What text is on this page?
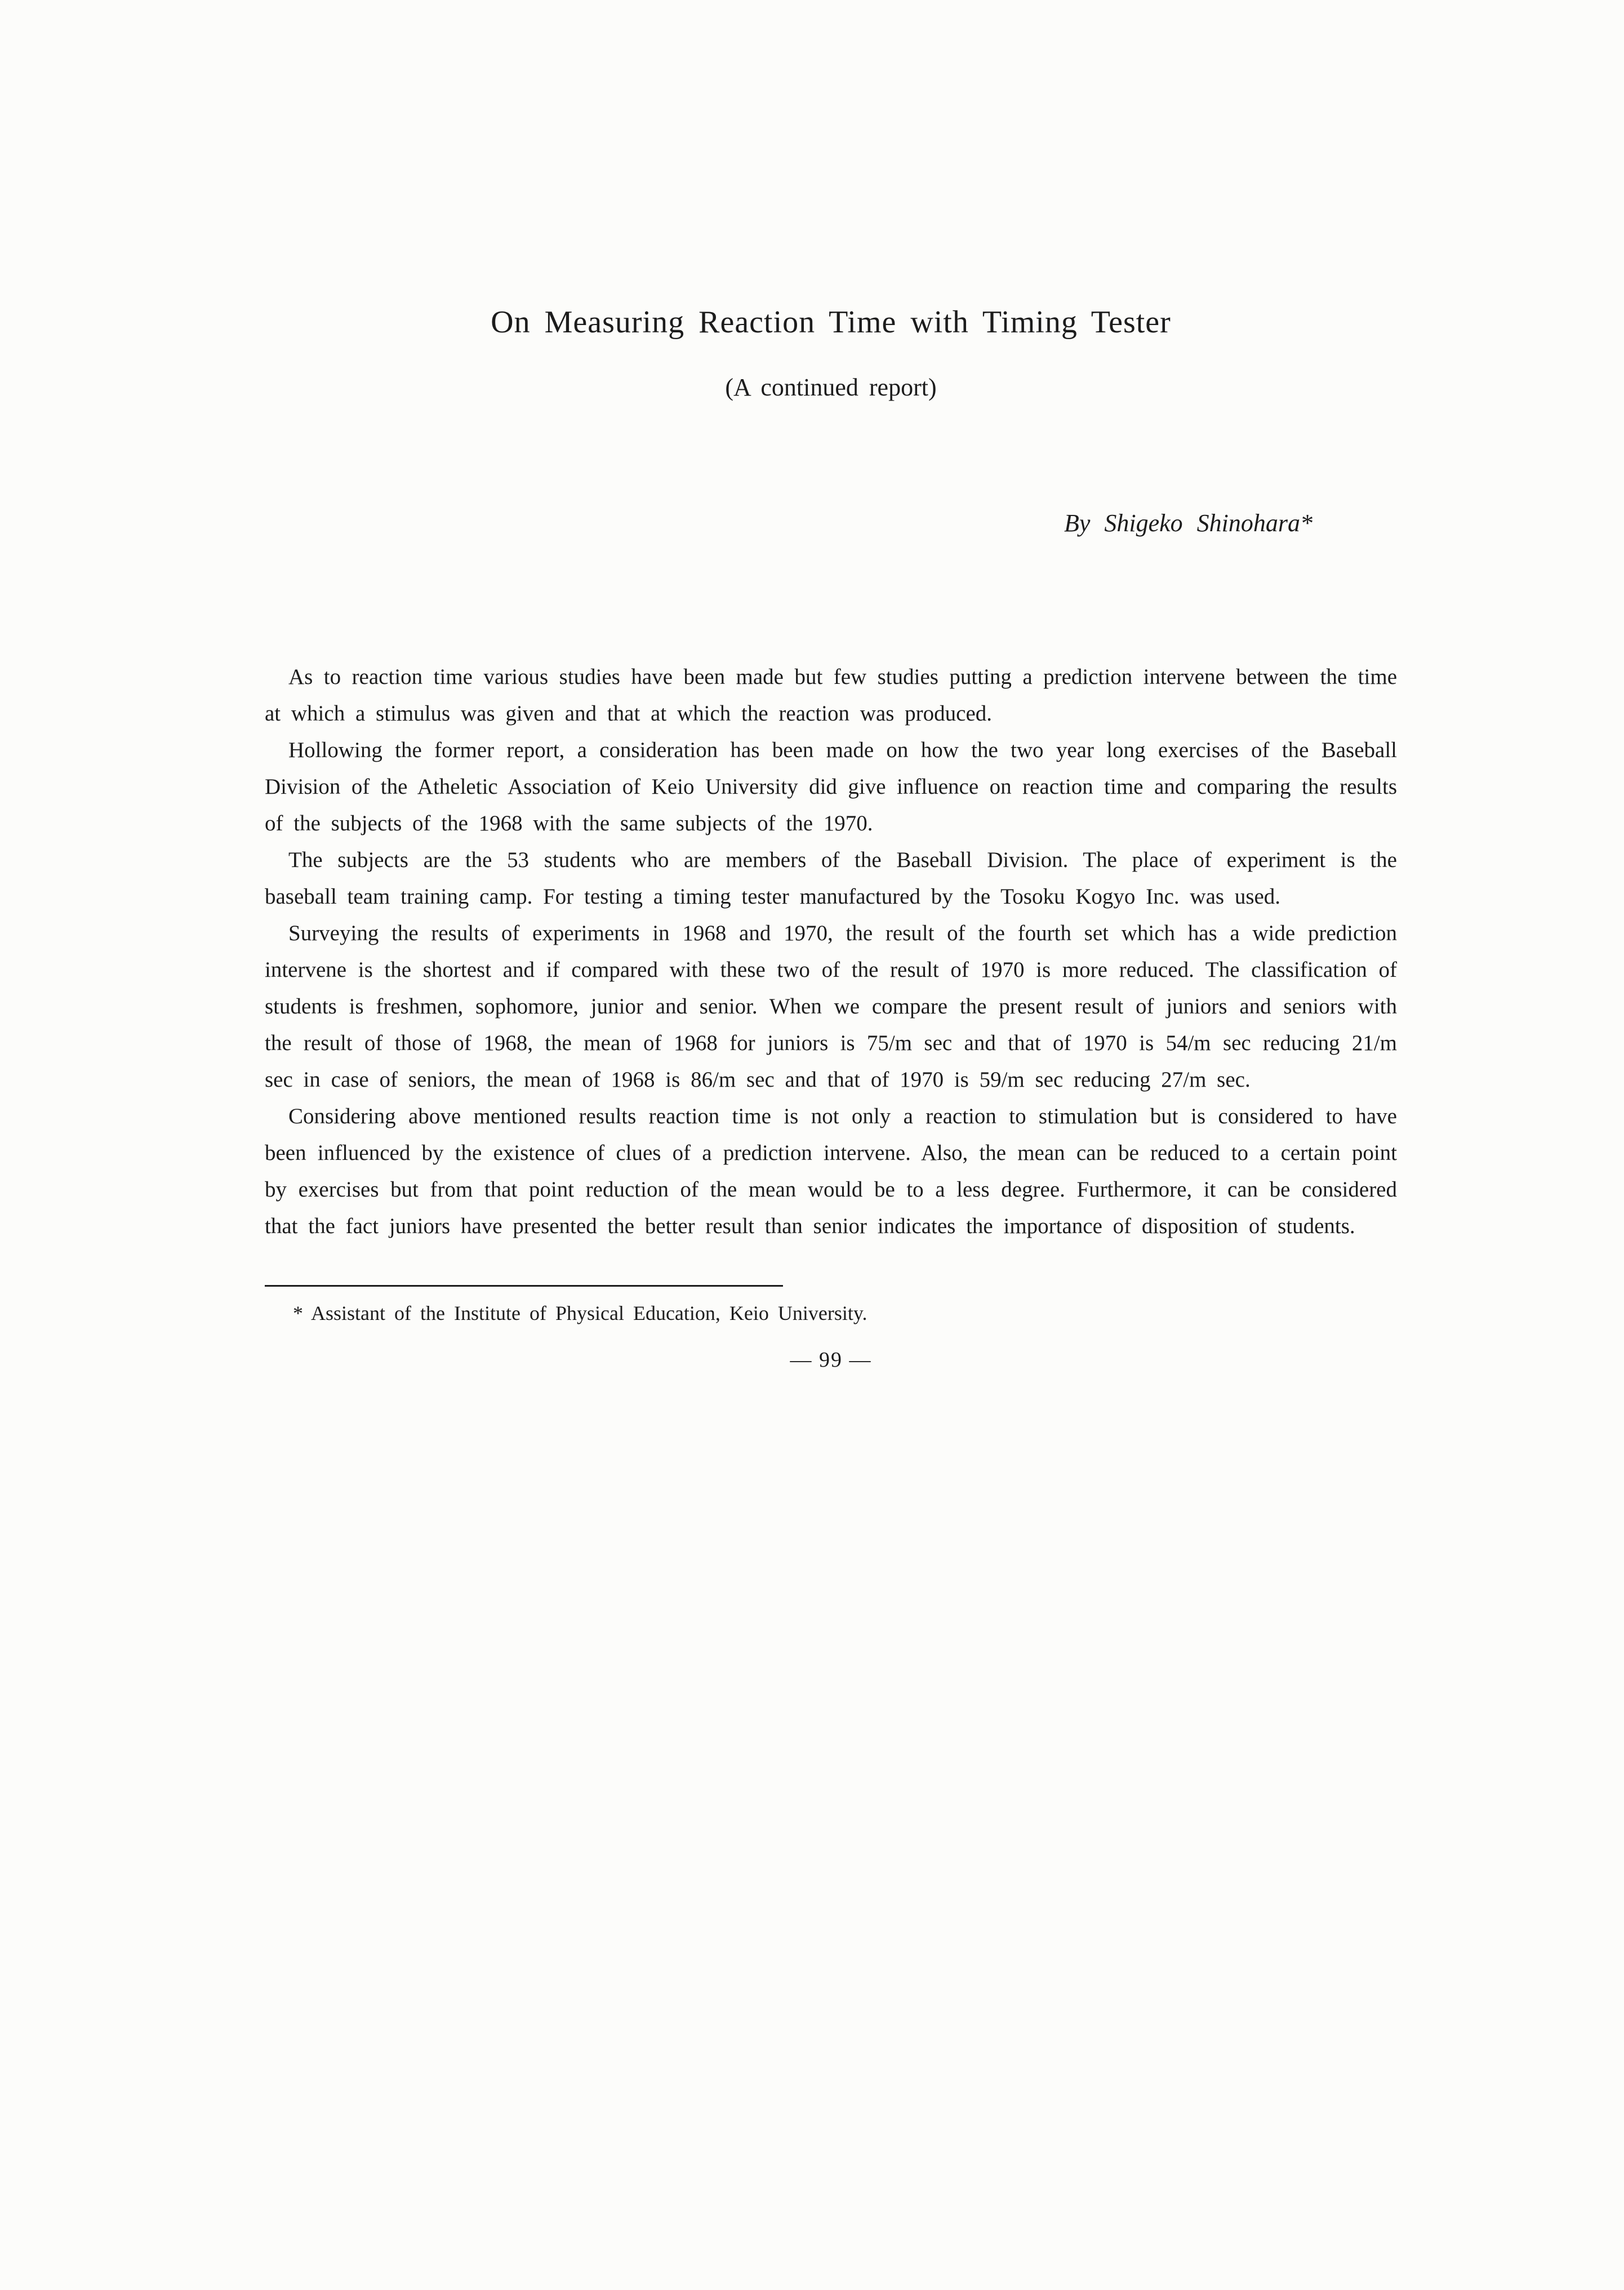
On Measuring Reaction Time with Timing Tester
(A continued report)
By Shigeko Shinohara*

As to reaction time various studies have been made but few studies putting a prediction intervene between the time at which a stimulus was given and that at which the reaction was produced.

Hollowing the former report, a consideration has been made on how the two year long exercises of the Baseball Division of the Atheletic Association of Keio University did give influence on reaction time and comparing the results of the subjects of the 1968 with the same subjects of the 1970.

The subjects are the 53 students who are members of the Baseball Division. The place of experiment is the baseball team training camp. For testing a timing tester manufactured by the Tosoku Kogyo Inc. was used.

Surveying the results of experiments in 1968 and 1970, the result of the fourth set which has a wide prediction intervene is the shortest and if compared with these two of the result of 1970 is more reduced. The classification of students is freshmen, sophomore, junior and senior. When we compare the present result of juniors and seniors with the result of those of 1968, the mean of 1968 for juniors is 75/m sec and that of 1970 is 54/m sec reducing 21/m sec in case of seniors, the mean of 1968 is 86/m sec and that of 1970 is 59/m sec reducing 27/m sec.

Considering above mentioned results reaction time is not only a reaction to stimulation but is considered to have been influenced by the existence of clues of a prediction intervene. Also, the mean can be reduced to a certain point by exercises but from that point reduction of the mean would be to a less degree. Furthermore, it can be considered that the fact juniors have presented the better result than senior indicates the importance of disposition of students.

* Assistant of the Institute of Physical Education, Keio University.
— 99 —
